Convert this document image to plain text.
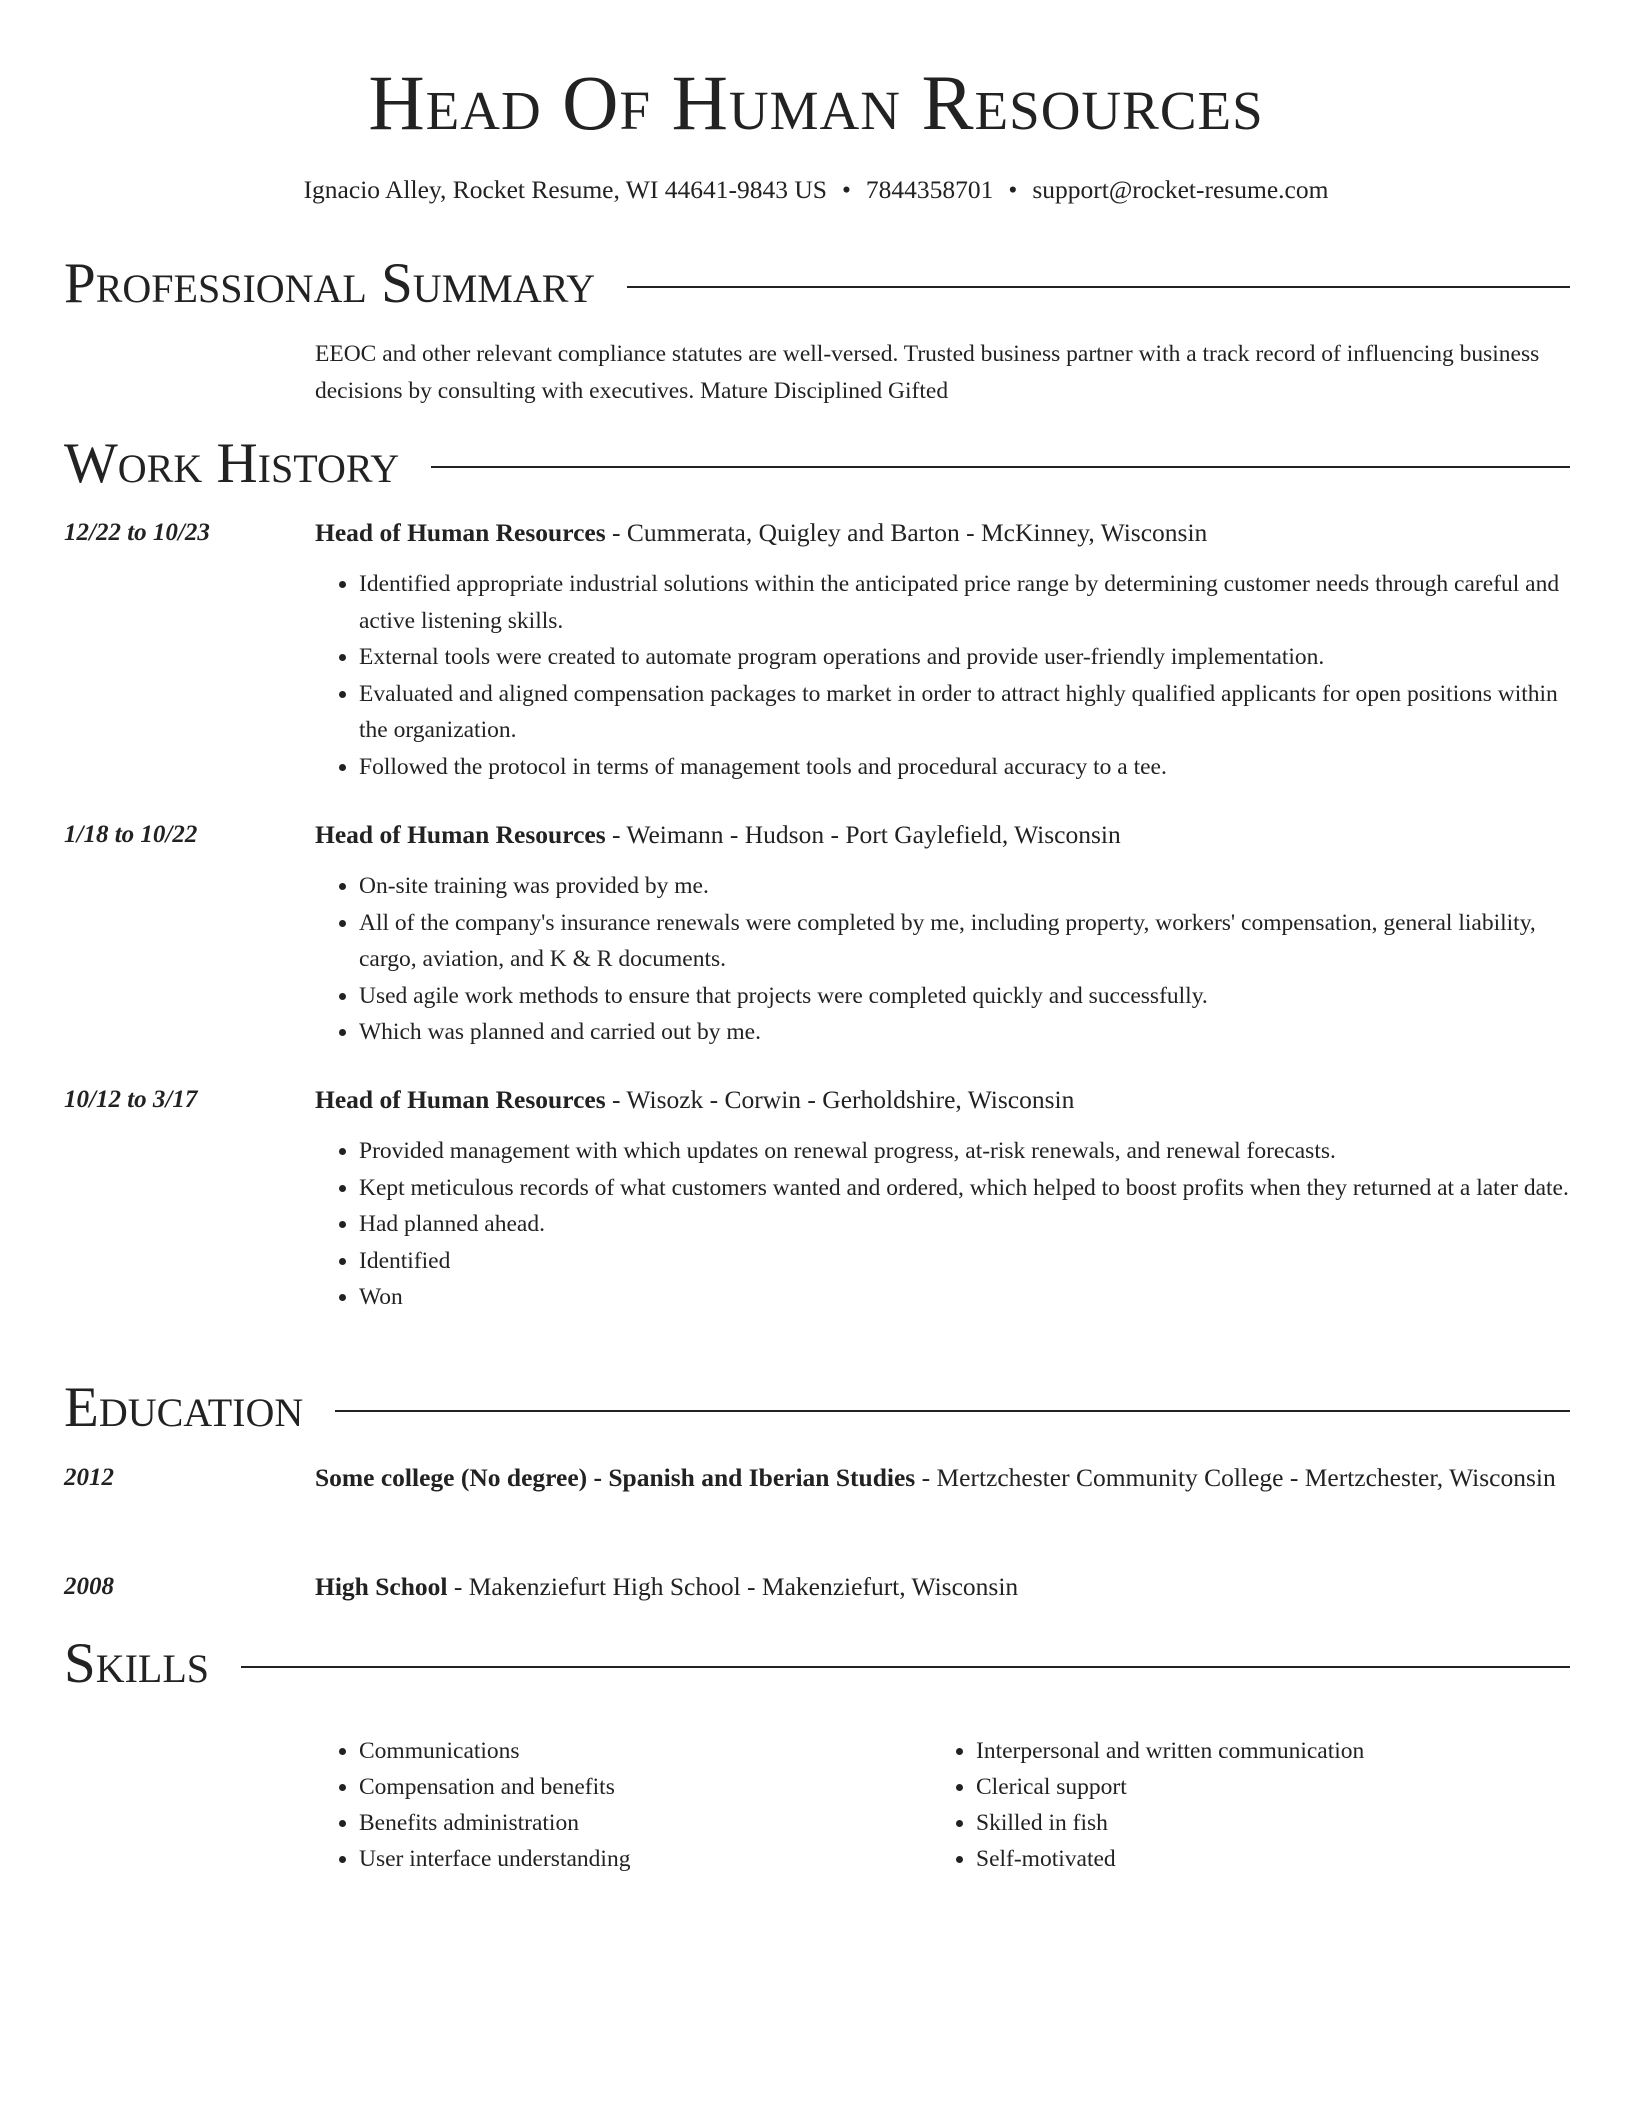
Head Of Human Resources
Ignacio Alley, Rocket Resume, WI 44641-9843 US • 7844358701 • support@rocket-resume.com
Professional Summary

EEOC and other relevant compliance statutes are well-versed. Trusted business partner with a track record of influencing business decisions by consulting with executives. Mature Disciplined Gifted

Work History
12/22 to 10/23	Head of Human Resources - Cummerata, Quigley and Barton - McKinney, Wisconsin

• Identified appropriate industrial solutions within the anticipated price range by determining customer needs through careful and active listening skills.
• External tools were created to automate program operations and provide user-friendly implementation.
• Evaluated and aligned compensation packages to market in order to attract highly qualified applicants for open positions within the organization.
• Followed the protocol in terms of management tools and procedural accuracy to a tee.
1/18 to 10/22	Head of Human Resources - Weimann - Hudson - Port Gaylefield, Wisconsin

• On-site training was provided by me.
• All of the company's insurance renewals were completed by me, including property, workers' compensation, general liability, cargo, aviation, and K & R documents.
• Used agile work methods to ensure that projects were completed quickly and successfully.
• Which was planned and carried out by me.
10/12 to 3/17	Head of Human Resources - Wisozk - Corwin - Gerholdshire, Wisconsin

• Provided management with which updates on renewal progress, at-risk renewals, and renewal forecasts.
• Kept meticulous records of what customers wanted and ordered, which helped to boost profits when they returned at a later date.
• Had planned ahead.
• Identified
• Won
Education
2012	Some college (No degree) - Spanish and Iberian Studies - Mertzchester Community College - Mertzchester, Wisconsin

2008	High School - Makenziefurt High School - Makenziefurt, Wisconsin

Skills
• Communications
• Compensation and benefits
• Benefits administration
• User interface understanding
• Interpersonal and written communication
• Clerical support
• Skilled in fish
• Self-motivated
